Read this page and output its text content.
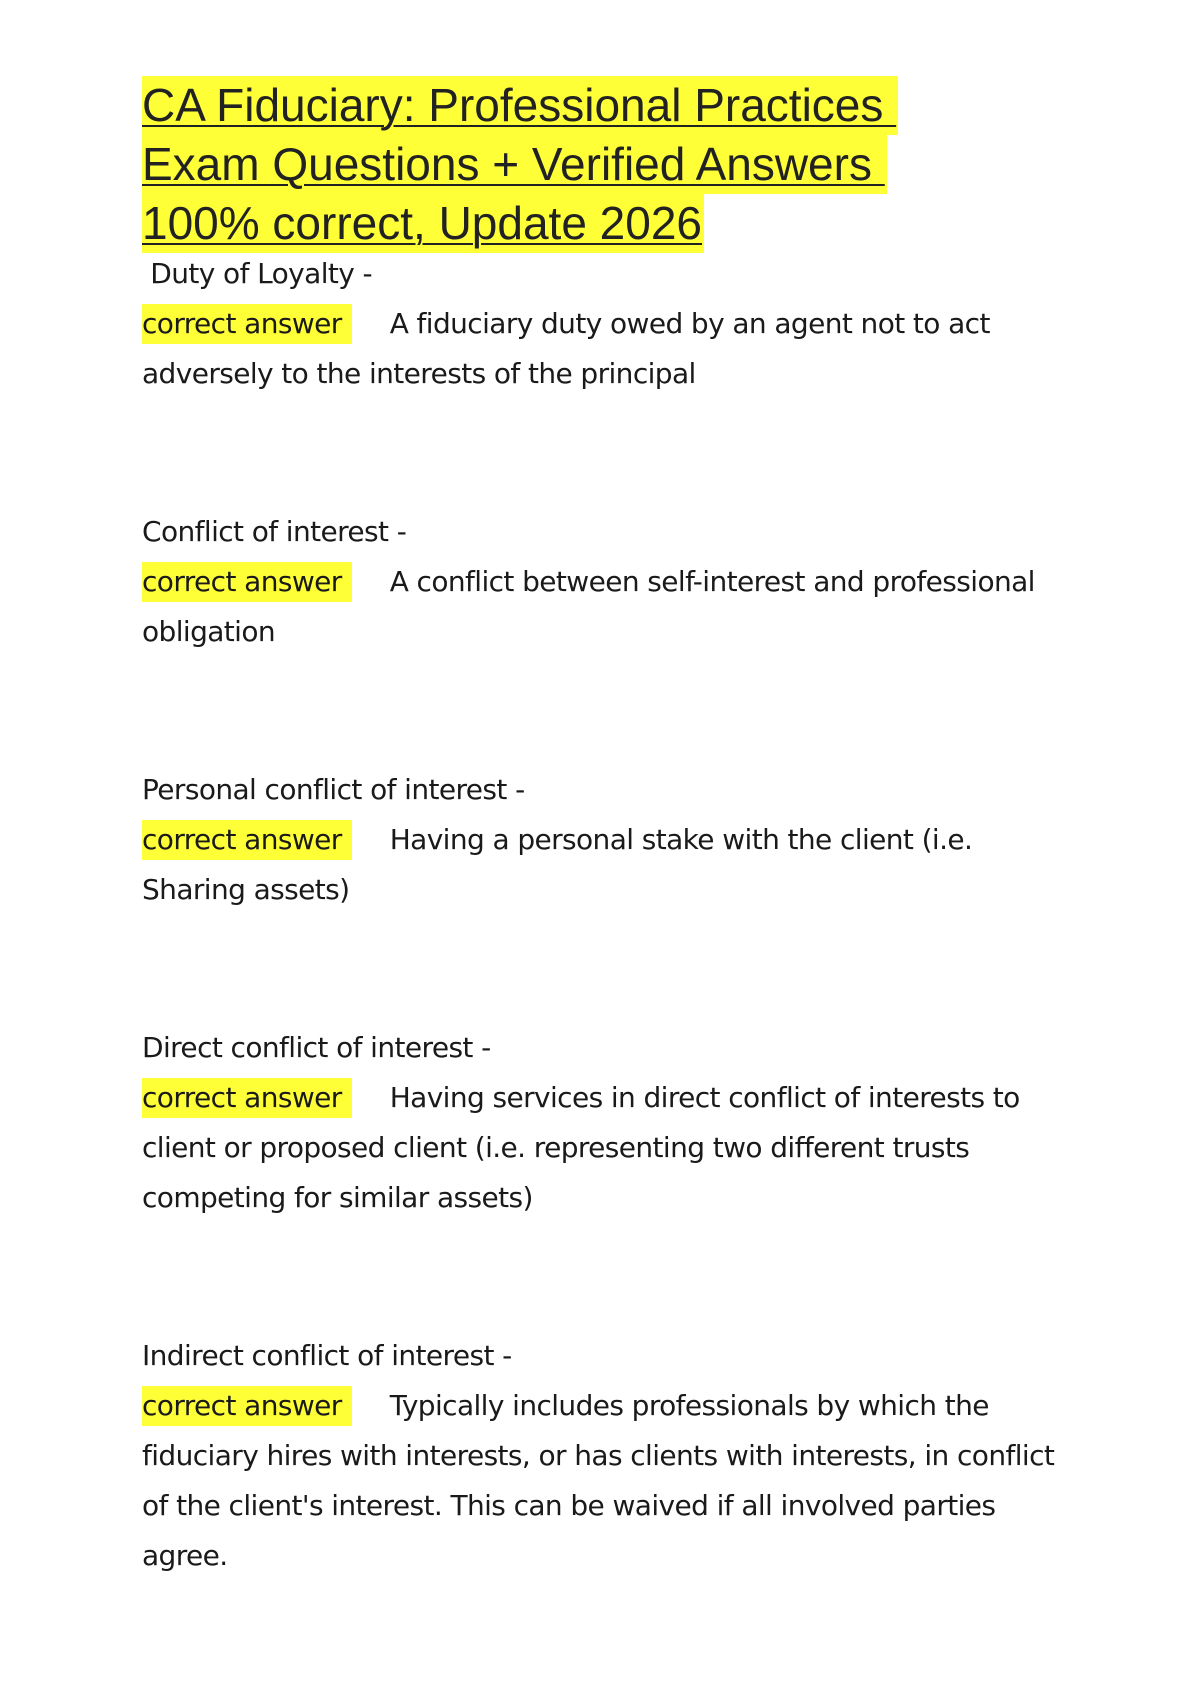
CA Fiduciary: Professional Practices
Exam Questions + Verified Answers
100% correct, Update 2026
Duty of Loyalty -

correct answer A fiduciary duty owed by an agent not to act adversely to the interests of the principal

Conflict of interest -

correct answer A conflict between self-interest and professional obligation

Personal conflict of interest -

correct answer Having a personal stake with the client (i.e. Sharing assets)

Direct conflict of interest -

correct answer Having services in direct conflict of interests to client or proposed client (i.e. representing two different trusts competing for similar assets)

Indirect conflict of interest -

correct answer Typically includes professionals by which the fiduciary hires with interests, or has clients with interests, in conflict of the client's interest. This can be waived if all involved parties agree.
